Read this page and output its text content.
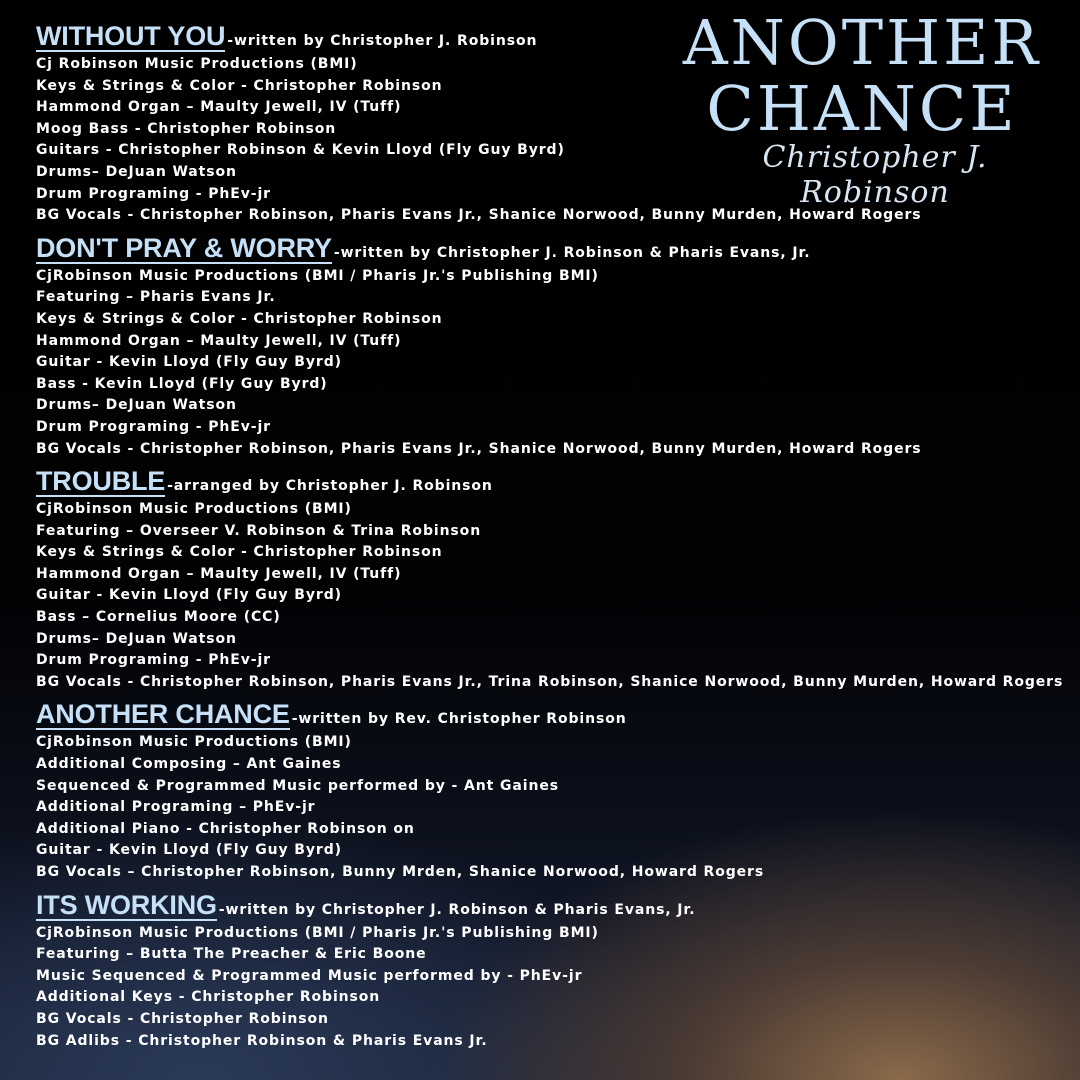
WITHOUT YOU -written by Christopher J. Robinson
Cj Robinson Music Productions (BMI)
Keys & Strings & Color - Christopher Robinson
Hammond Organ – Maulty Jewell, IV (Tuff)
Moog Bass - Christopher Robinson
Guitars - Christopher Robinson & Kevin Lloyd (Fly Guy Byrd)
Drums– DeJuan Watson
Drum Programing - PhEv-jr
BG Vocals - Christopher Robinson, Pharis Evans Jr., Shanice Norwood, Bunny Murden, Howard Rogers
DON'T PRAY & WORRY -written by Christopher J. Robinson & Pharis Evans, Jr.
CjRobinson Music Productions (BMI / Pharis Jr.'s Publishing BMI)
Featuring – Pharis Evans Jr.
Keys & Strings & Color - Christopher Robinson
Hammond Organ – Maulty Jewell, IV (Tuff)
Guitar - Kevin Lloyd (Fly Guy Byrd)
Bass - Kevin Lloyd (Fly Guy Byrd)
Drums– DeJuan Watson
Drum Programing - PhEv-jr
BG Vocals - Christopher Robinson, Pharis Evans Jr., Shanice Norwood, Bunny Murden, Howard Rogers
TROUBLE -arranged by Christopher J. Robinson
CjRobinson Music Productions (BMI)
Featuring – Overseer V. Robinson & Trina Robinson
Keys & Strings & Color - Christopher Robinson
Hammond Organ – Maulty Jewell, IV (Tuff)
Guitar - Kevin Lloyd (Fly Guy Byrd)
Bass – Cornelius Moore (CC)
Drums– DeJuan Watson
Drum Programing - PhEv-jr
BG Vocals - Christopher Robinson, Pharis Evans Jr., Trina Robinson, Shanice Norwood, Bunny Murden, Howard Rogers
ANOTHER CHANCE -written by Rev. Christopher Robinson
CjRobinson Music Productions (BMI)
Additional Composing – Ant Gaines
Sequenced & Programmed Music performed by - Ant Gaines
Additional Programing – PhEv-jr
Additional Piano - Christopher Robinson on
Guitar - Kevin Lloyd (Fly Guy Byrd)
BG Vocals – Christopher Robinson, Bunny Mrden, Shanice Norwood, Howard Rogers
ITS WORKING -written by Christopher J. Robinson & Pharis Evans, Jr.
CjRobinson Music Productions (BMI / Pharis Jr.'s Publishing BMI)
Featuring – Butta The Preacher & Eric Boone
Music Sequenced & Programmed Music performed by - PhEv-jr
Additional Keys - Christopher Robinson
BG Vocals - Christopher Robinson
BG Adlibs - Christopher Robinson & Pharis Evans Jr.
ANOTHER
CHANCE
Christopher J. Robinson
